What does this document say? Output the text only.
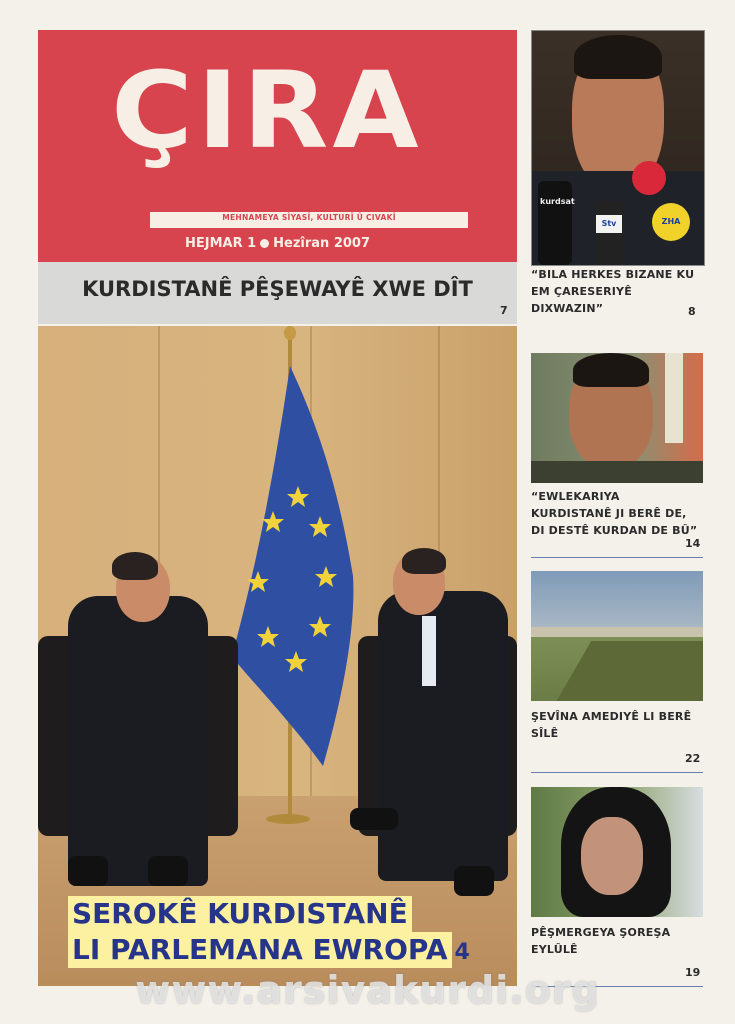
ÇIRA
MEHNAMEYA SÎYASÎ, KULTURÎ Û CIVAKÎ
HEJMAR 1 Hezîran 2007
KURDISTANÊ PÊŞEWAYÊ XWE DÎT
7
SEROKÊ KURDISTANÊ
LI PARLEMANA EWROPA 4
kurdsat
Stv	ZHA
“BILA HERKES BIZANE KU EM ÇARESERIYÊ DIXWAZIN”	8
“EWLEKARIYA KURDISTANÊ JI BERÊ DE, DI DESTÊ KURDAN DE BÛ”
14
ŞEVÎNA AMEDIYÊ LI BERÊ SÎLÊ
22
PÊŞMERGEYA ŞOREŞA EYLÛLÊ
19
www.arsivakurdi.org
